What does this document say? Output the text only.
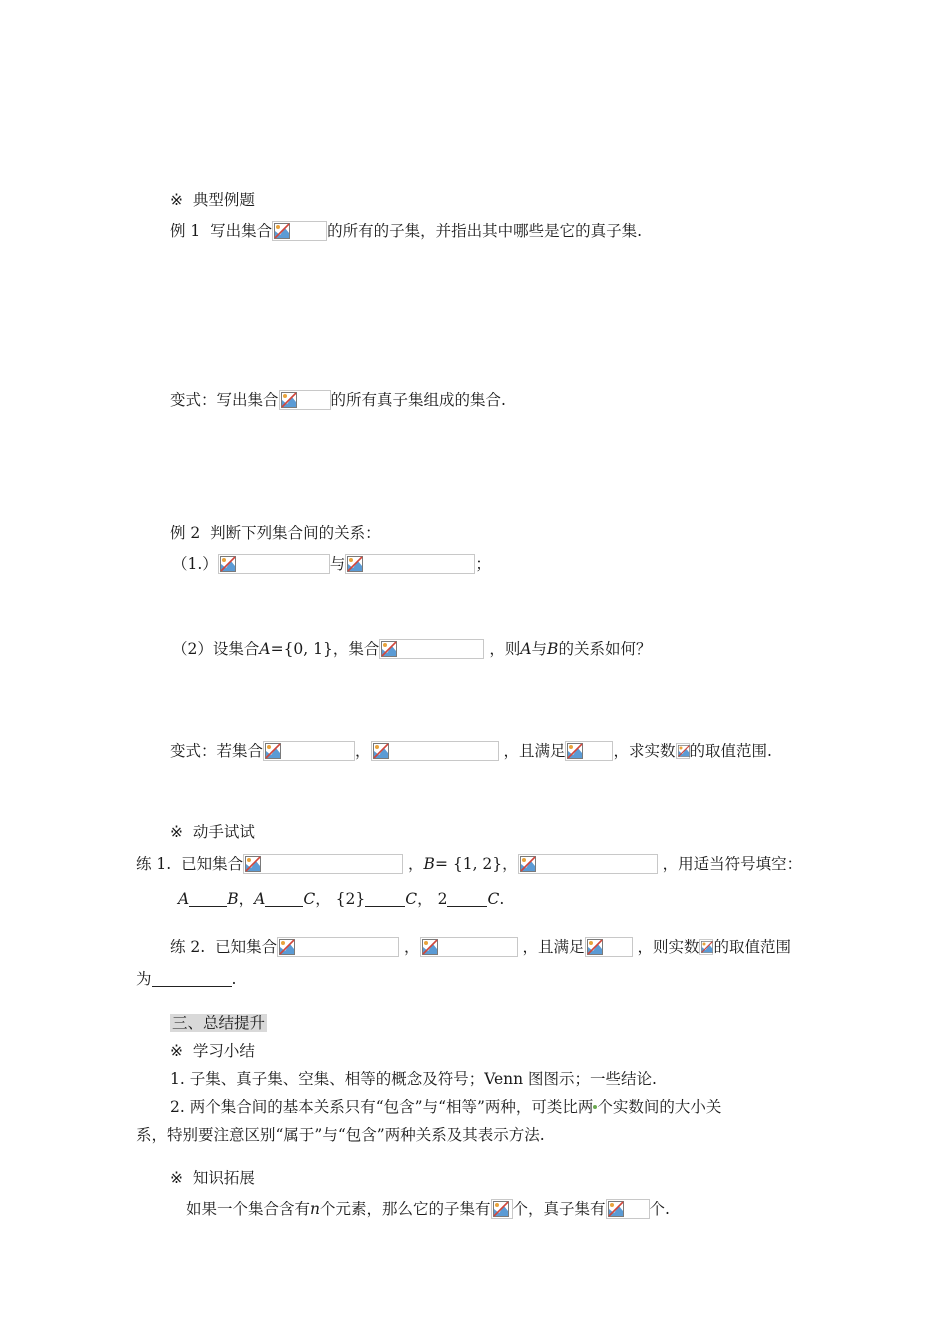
※ 典型例题
例 1 写出集合	的所有的子集，并指出其中哪些是它的真子集.
变式：写出集合	的所有真子集组成的集合.
例 2 判断下列集合间的关系：
（1.）	与	；
（2）设集合A={0, 1}，集合	，则A与B的关系如何？
变式：若集合	，	，且满足	，求实数 的取值范围.
※ 动手试试
练 1. 已知集合	，B= {1, 2}，	，用适当符号填空：
A B，A C， {2}	C， 2	C.
练 2. 已知集合	，	，且满足	，则实数 的取值范围
为	.
三、总结提升
※ 学习小结
1. 子集、真子集、空集、相等的概念及符号；Venn 图图示；一些结论.
2. 两个集合间的基本关系只有“包含”与“相等”两种，可类比两 个实数间的大小关
系，特别要注意区别“属于”与“包含”两种关系及其表示方法.
※ 知识拓展
如果一个集合含有n个元素，那么它的子集有 个，真子集有	个.
